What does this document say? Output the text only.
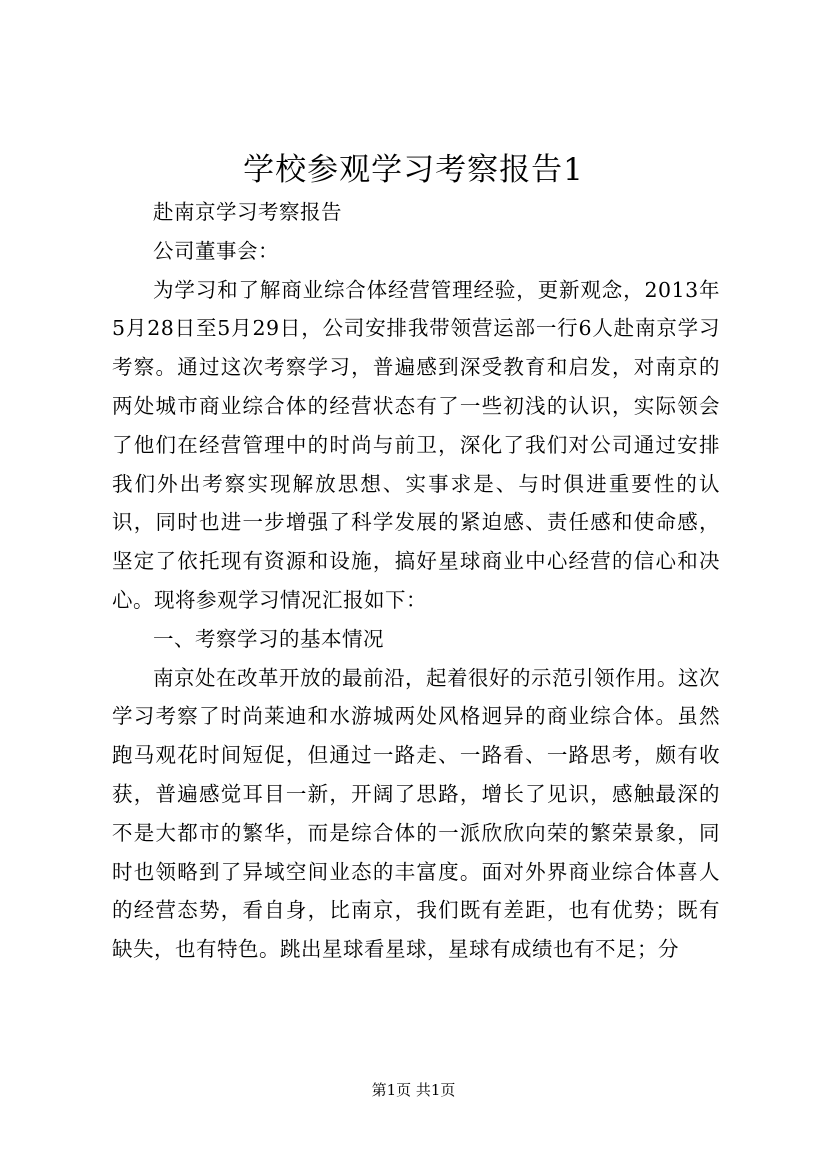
学校参观学习考察报告1

赴南京学习考察报告

公司董事会：

为学习和了解商业综合体经营管理经验，更新观念，2013年5月28日至5月29日，公司安排我带领营运部一行6人赴南京学习考察。通过这次考察学习，普遍感到深受教育和启发，对南京的两处城市商业综合体的经营状态有了一些初浅的认识，实际领会了他们在经营管理中的时尚与前卫，深化了我们对公司通过安排我们外出考察实现解放思想、实事求是、与时俱进重要性的认识，同时也进一步增强了科学发展的紧迫感、责任感和使命感，坚定了依托现有资源和设施，搞好星球商业中心经营的信心和决心。现将参观学习情况汇报如下：

一、考察学习的基本情况

南京处在改革开放的最前沿，起着很好的示范引领作用。这次学习考察了时尚莱迪和水游城两处风格迥异的商业综合体。虽然跑马观花时间短促，但通过一路走、一路看、一路思考，颇有收获，普遍感觉耳目一新，开阔了思路，增长了见识，感触最深的不是大都市的繁华，而是综合体的一派欣欣向荣的繁荣景象，同时也领略到了异域空间业态的丰富度。面对外界商业综合体喜人的经营态势，看自身，比南京，我们既有差距，也有优势；既有缺失，也有特色。跳出星球看星球，星球有成绩也有不足；分

第1页 共1页
